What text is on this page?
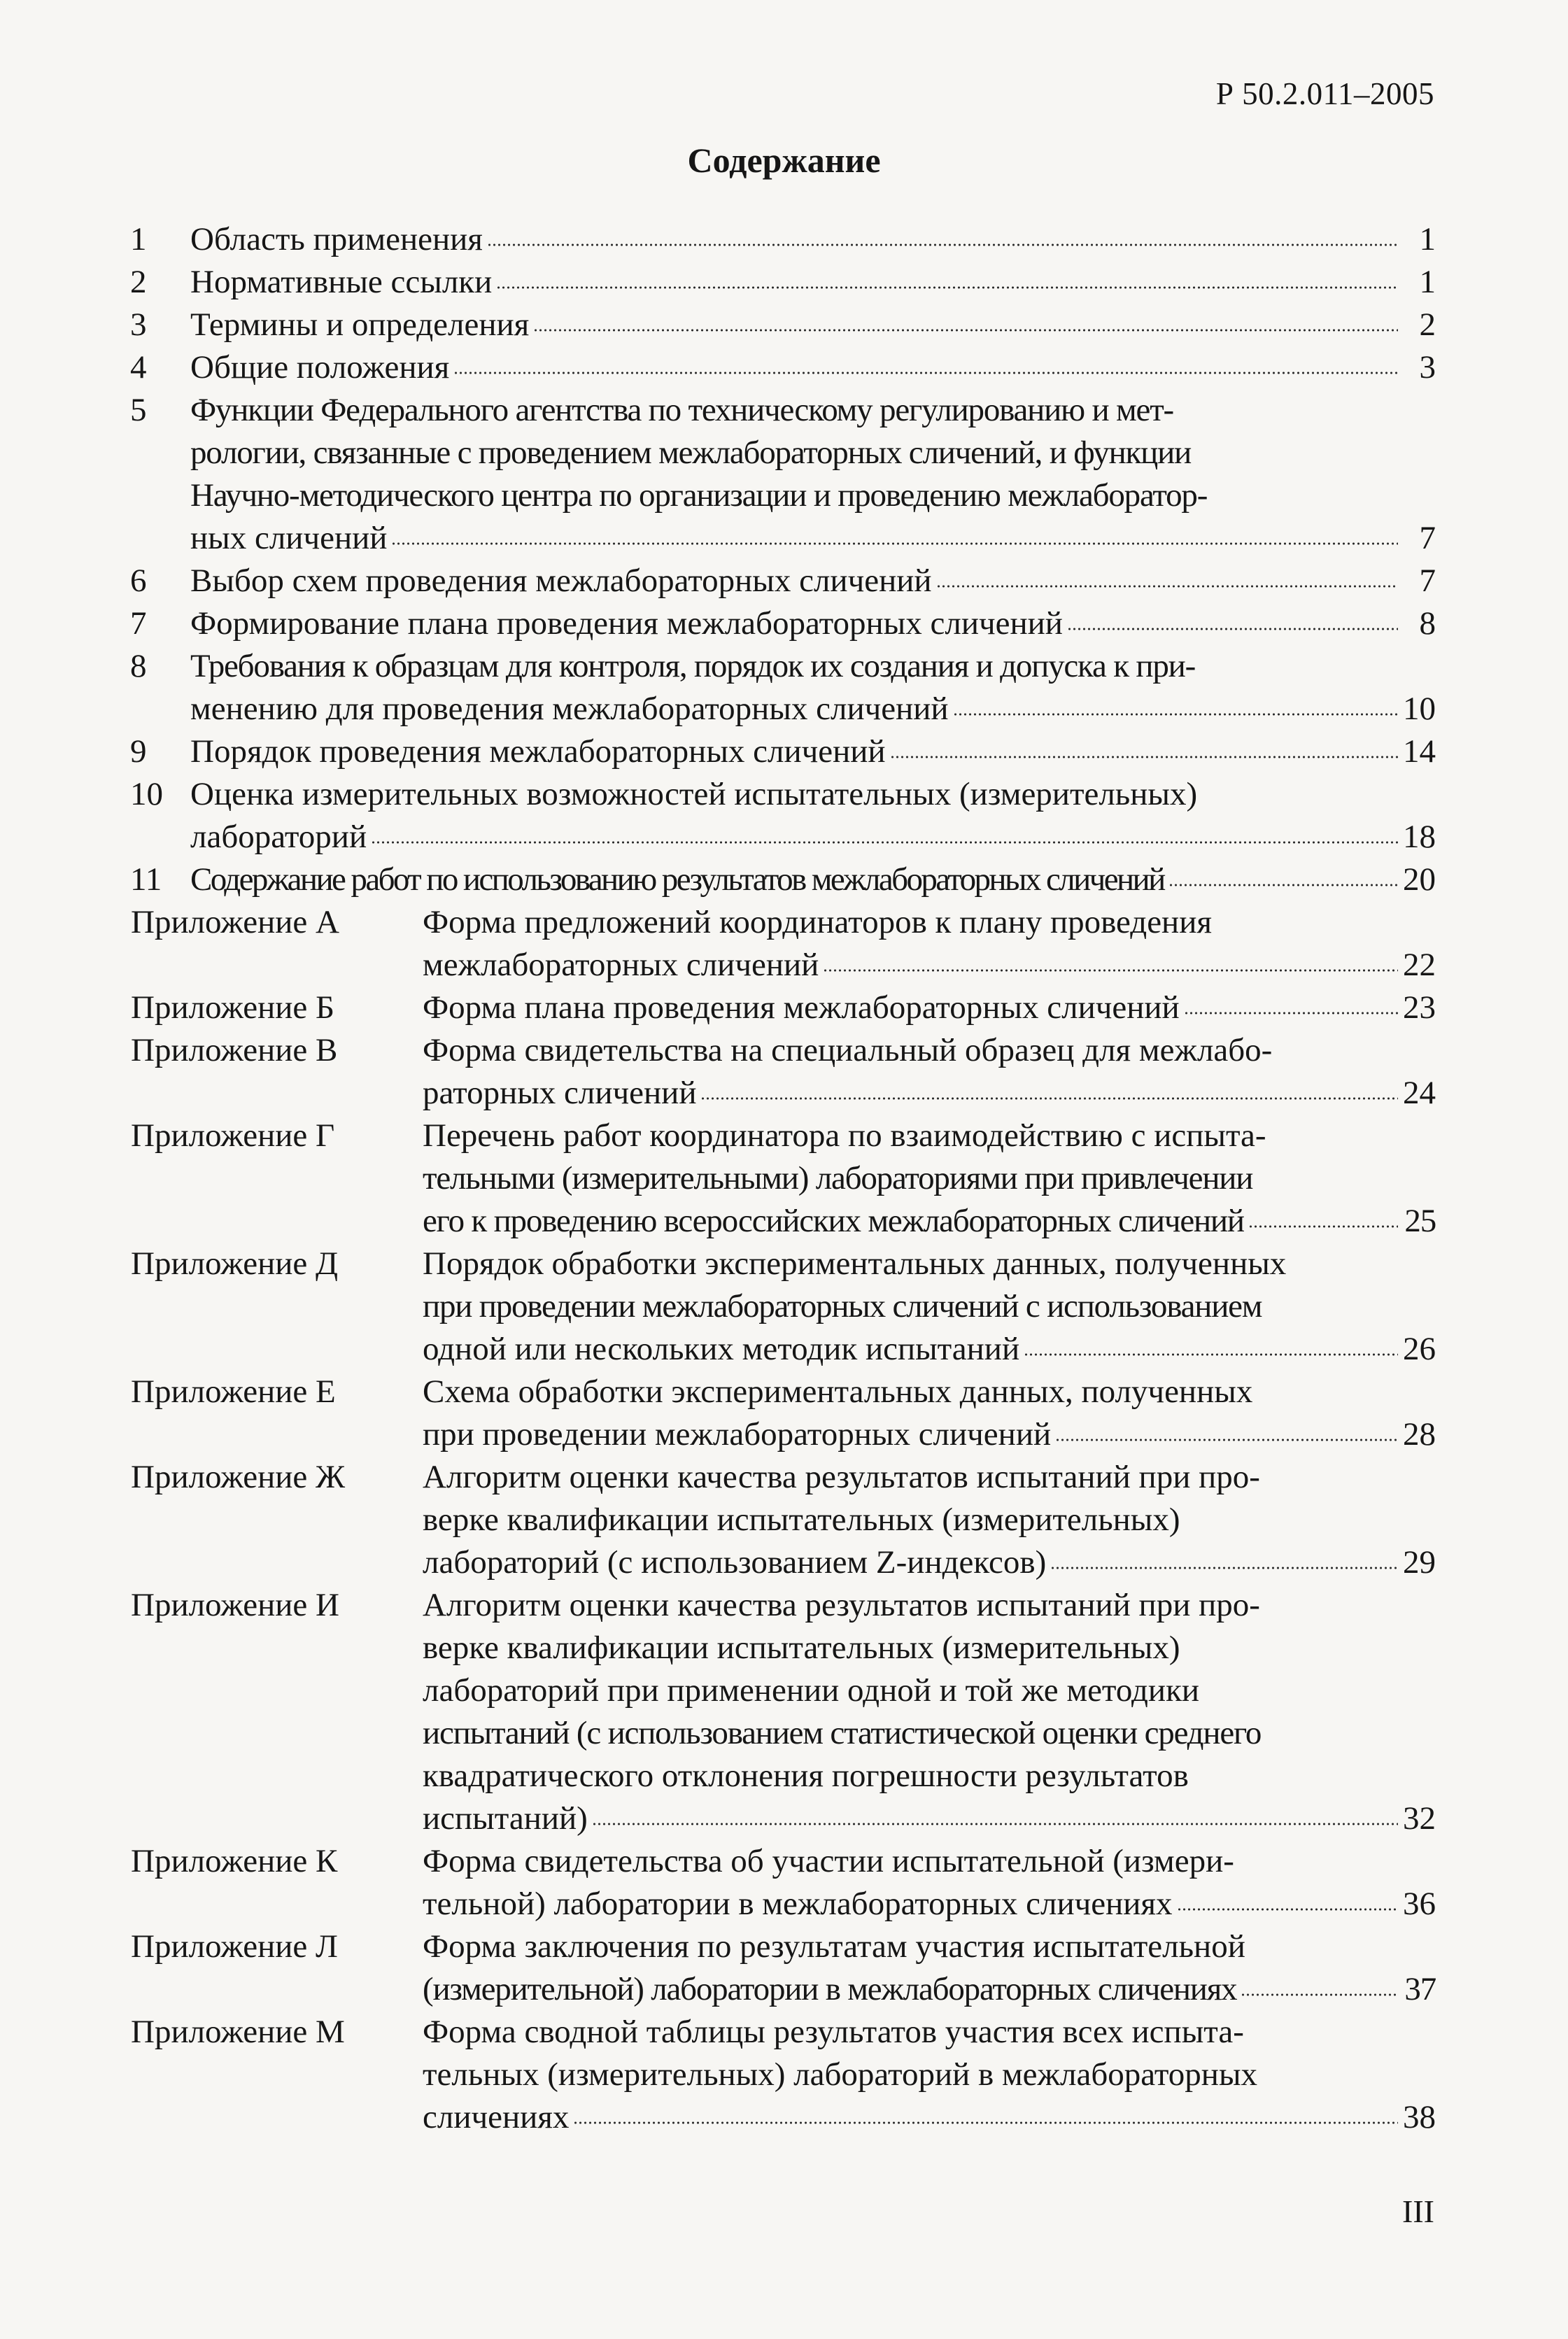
Р 50.2.011–2005
Содержание
1 Область применения	1
2 Нормативные ссылки	1
3 Термины и определения	2
4 Общие положения	3
5 Функции Федерального агентства по техническому регулированию и мет-
рологии, связанные с проведением межлабораторных сличений, и функции
Научно-методического центра по организации и проведению межлаборатор-
ных сличений	7
6 Выбор схем проведения межлабораторных сличений	7
7 Формирование плана проведения межлабораторных сличений	8
8 Требования к образцам для контроля, порядок их создания и допуска к при-
менению для проведения межлабораторных сличений	10
9 Порядок проведения межлабораторных сличений	14
10 Оценка измерительных возможностей испытательных (измерительных)
лабораторий	18
11 Содержание работ по использованию результатов межлабораторных сличений	20
Приложение А	Форма предложений координаторов к плану проведения
межлабораторных сличений	22
Приложение Б	Форма плана проведения межлабораторных сличений	23
Приложение В	Форма свидетельства на специальный образец для межлабо-
раторных сличений	24
Приложение Г	Перечень работ координатора по взаимодействию с испыта-
тельными (измерительными) лабораториями при привлечении
его к проведению всероссийских межлабораторных сличений	25
Приложение Д	Порядок обработки экспериментальных данных, полученных
при проведении межлабораторных сличений с использованием
одной или нескольких методик испытаний	26
Приложение Е	Схема обработки экспериментальных данных, полученных
при проведении межлабораторных сличений	28
Приложение Ж Алгоритм оценки качества результатов испытаний при про-
верке квалификации испытательных (измерительных)
лабораторий (с использованием Z-индексов)	29
Приложение И	Алгоритм оценки качества результатов испытаний при про-
верке квалификации испытательных (измерительных)
лабораторий при применении одной и той же методики
испытаний (с использованием статистической оценки среднего
квадратического отклонения погрешности результатов
испытаний)	32
Приложение К	Форма свидетельства об участии испытательной (измери-
тельной) лаборатории в межлабораторных сличениях	36
Приложение Л	Форма заключения по результатам участия испытательной
(измерительной) лаборатории в межлабораторных сличениях	37
Приложение М Форма сводной таблицы результатов участия всех испыта-
тельных (измерительных) лабораторий в межлабораторных
сличениях	38
III
